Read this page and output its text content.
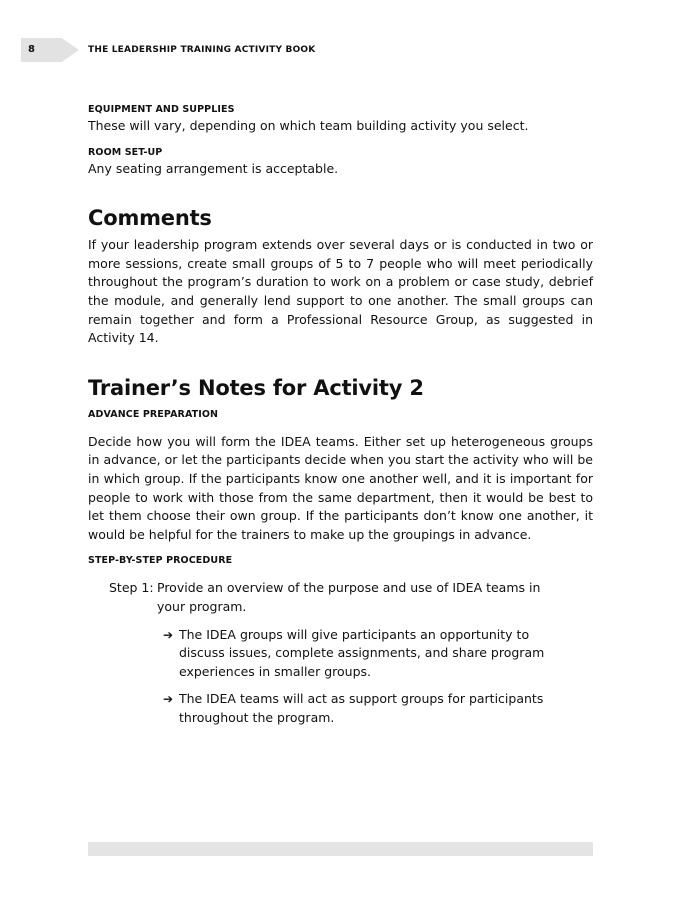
8	THE LEADERSHIP TRAINING ACTIVITY BOOK

EQUIPMENT AND SUPPLIES

These will vary, depending on which team building activity you select.

ROOM SET-UP

Any seating arrangement is acceptable.

Comments

If your leadership program extends over several days or is conducted in two or more sessions, create small groups of 5 to 7 people who will meet periodically throughout the program’s duration to work on a problem or case study, debrief the module, and generally lend support to one another. The small groups can remain together and form a Professional Resource Group, as suggested in Activity 14.

Trainer’s Notes for Activity 2

ADVANCE PREPARATION

Decide how you will form the IDEA teams. Either set up heterogeneous groups in advance, or let the participants decide when you start the activity who will be in which group. If the participants know one another well, and it is important for people to work with those from the same department, then it would be best to let them choose their own group. If the participants don’t know one another, it would be helpful for the trainers to make up the groupings in advance.

STEP-BY-STEP PROCEDURE

Step 1: Provide an overview of the purpose and use of IDEA teams in your program.
➔ The IDEA groups will give participants an opportunity to discuss issues, complete assignments, and share program experiences in smaller groups.
➔ The IDEA teams will act as support groups for participants throughout the program.
